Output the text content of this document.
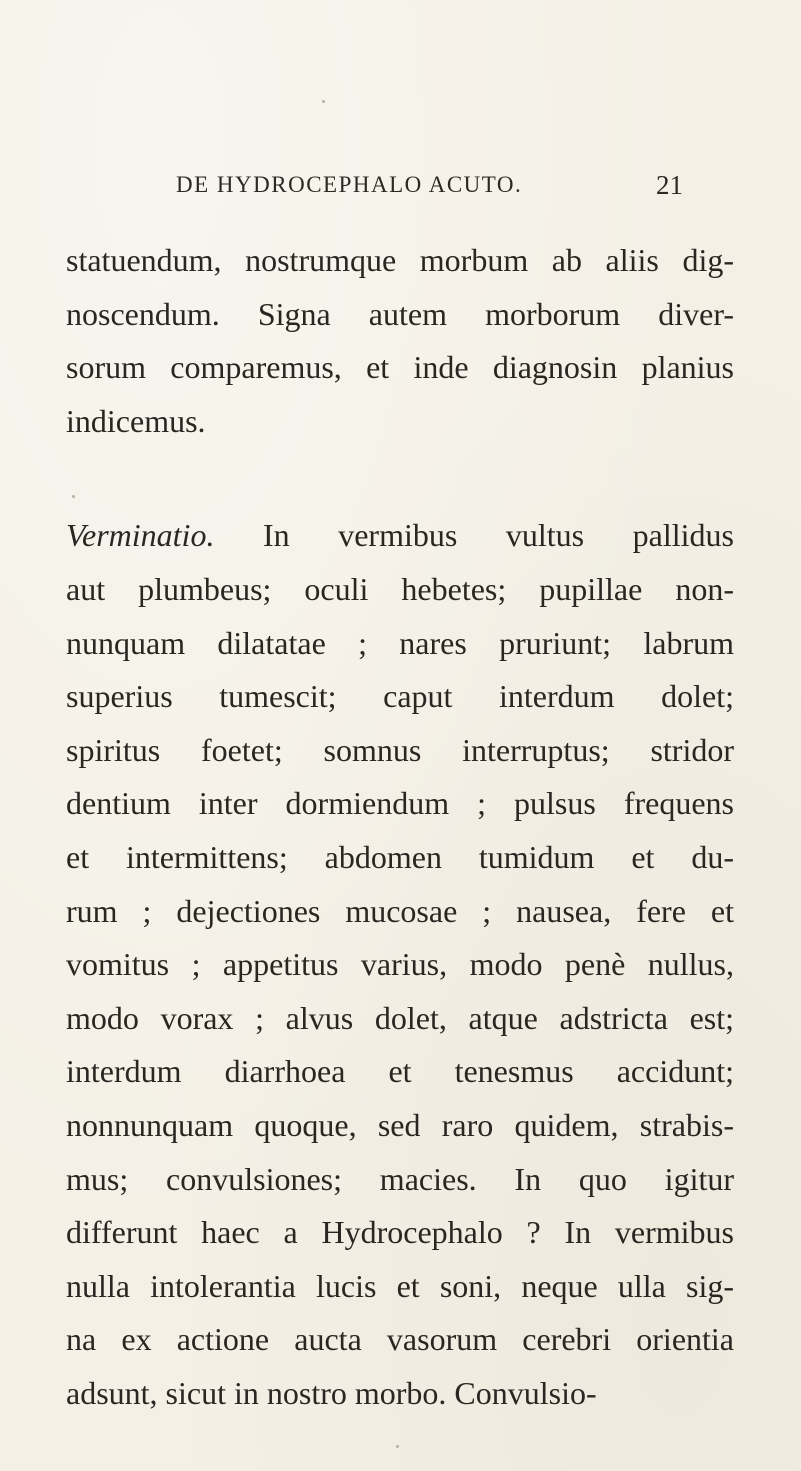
DE HYDROCEPHALO ACUTO.	21
statuendum, nostrumque morbum ab aliis dig-
noscendum. Signa autem morborum diver-
sorum comparemus, et inde diagnosin planius
indicemus.
Verminatio. In vermibus vultus pallidus
aut plumbeus; oculi hebetes; pupillae non-
nunquam dilatatae ; nares pruriunt; labrum
superius tumescit; caput interdum dolet;
spiritus foetet; somnus interruptus; stridor
dentium inter dormiendum ; pulsus frequens
et intermittens; abdomen tumidum et du-
rum ; dejectiones mucosae ; nausea, fere et
vomitus ; appetitus varius, modo penè nullus,
modo vorax ; alvus dolet, atque adstricta est;
interdum diarrhoea et tenesmus accidunt;
nonnunquam quoque, sed raro quidem, strabis-
mus; convulsiones; macies. In quo igitur
differunt haec a Hydrocephalo ? In vermibus
nulla intolerantia lucis et soni, neque ulla sig-
na ex actione aucta vasorum cerebri orientia
adsunt, sicut in nostro morbo. Convulsio-
